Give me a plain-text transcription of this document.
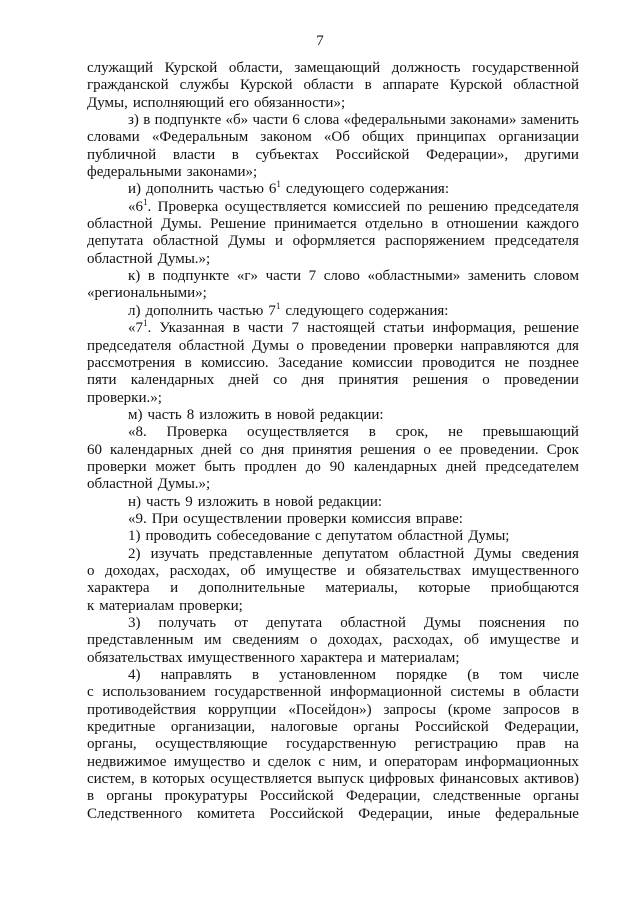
7
служащий Курской области, замещающий должность государственной
гражданской службы Курской области в аппарате Курской областной
Думы, исполняющий его обязанности»;
з) в подпункте «б» части 6 слова «федеральными законами» заменить
словами «Федеральным законом «Об общих принципах организации
публичной власти в субъектах Российской Федерации», другими
федеральными законами»;
и) дополнить частью $6^1$ следующего содержания:
«$6^1$. Проверка осуществляется комиссией по решению председателя
областной Думы. Решение принимается отдельно в отношении каждого
депутата областной Думы и оформляется распоряжением председателя
областной Думы.»;
к) в подпункте «г» части 7 слово «областными» заменить словом
«региональными»;
л) дополнить частью $7^1$ следующего содержания:
«$7^1$. Указанная в части 7 настоящей статьи информация, решение
председателя областной Думы о проведении проверки направляются для
рассмотрения в комиссию. Заседание комиссии проводится не позднее
пяти календарных дней со дня принятия решения о проведении
проверки.»;
м) часть 8 изложить в новой редакции:
«8. Проверка осуществляется в срок, не превышающий
60 календарных дней со дня принятия решения о ее проведении. Срок
проверки может быть продлен до 90 календарных дней председателем
областной Думы.»;
н) часть 9 изложить в новой редакции:
«9. При осуществлении проверки комиссия вправе:
1) проводить собеседование с депутатом областной Думы;
2) изучать представленные депутатом областной Думы сведения
о доходах, расходах, об имуществе и обязательствах имущественного
характера и дополнительные материалы, которые приобщаются
к материалам проверки;
3) получать от депутата областной Думы пояснения по
представленным им сведениям о доходах, расходах, об имуществе и
обязательствах имущественного характера и материалам;
4) направлять в установленном порядке (в том числе
с использованием государственной информационной системы в области
противодействия коррупции «Посейдон») запросы (кроме запросов в
кредитные организации, налоговые органы Российской Федерации,
органы, осуществляющие государственную регистрацию прав на
недвижимое имущество и сделок с ним, и операторам информационных
систем, в которых осуществляется выпуск цифровых финансовых активов)
в органы прокуратуры Российской Федерации, следственные органы
Следственного комитета Российской Федерации, иные федеральные
